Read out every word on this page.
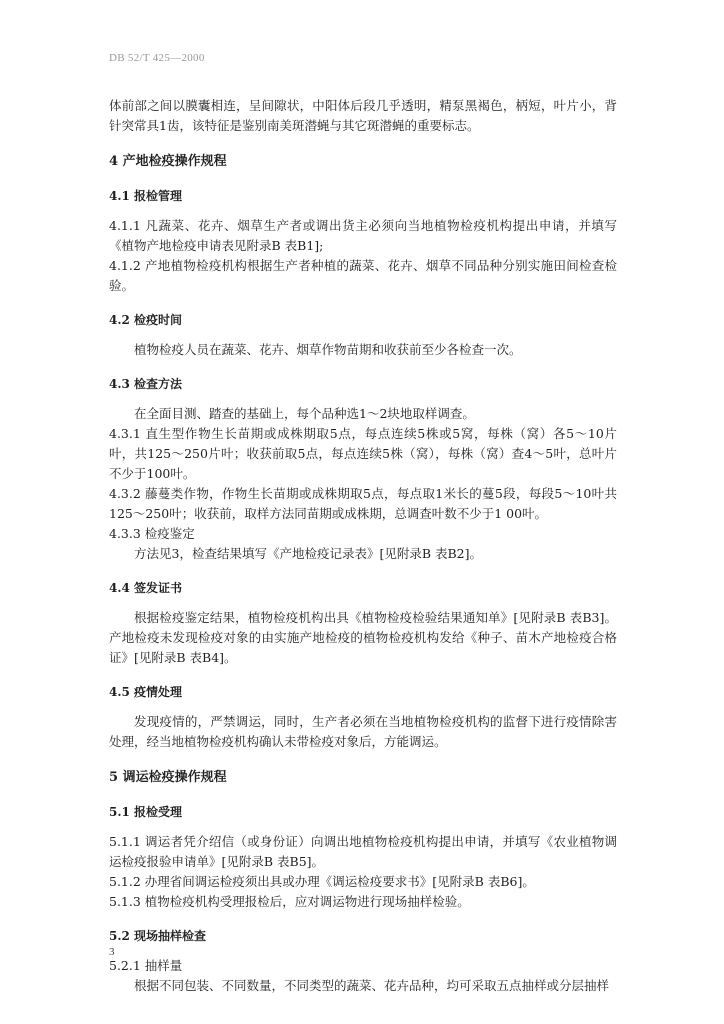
DB 52/T 425—2000
体前部之间以膜囊相连，呈间隙状，中阳体后段几乎透明，精泵黑褐色，柄短，叶片小，背针突常具1齿，该特征是鉴别南美斑潜蝇与其它斑潜蝇的重要标志。
4 产地检疫操作规程
4.1 报检管理
4.1.1 凡蔬菜、花卉、烟草生产者或调出货主必须向当地植物检疫机构提出申请，并填写《植物产地检疫申请表见附录B 表B1];
4.1.2 产地植物检疫机构根据生产者种植的蔬菜、花卉、烟草不同品种分别实施田间检查检验。
4.2 检疫时间
植物检疫人员在蔬菜、花卉、烟草作物苗期和收获前至少各检查一次。
4.3 检查方法
在全面目测、踏查的基础上，每个品种选1～2块地取样调查。
4.3.1 直生型作物生长苗期或成株期取5点，每点连续5株或5窝，每株（窝）各5～10片叶，共125～250片叶；收获前取5点，每点连续5株（窝），每株（窝）查4～5叶，总叶片不少于100叶。
4.3.2 藤蔓类作物，作物生长苗期或成株期取5点，每点取1米长的蔓5段，每段5～10叶共125～250叶；收获前，取样方法同苗期或成株期，总调查叶数不少于1 00叶。
4.3.3 检疫鉴定
方法见3，检查结果填写《产地检疫记录表》[见附录B 表B2]。
4.4 签发证书
根据检疫鉴定结果，植物检疫机构出具《植物检疫检验结果通知单》[见附录B 表B3]。产地检疫未发现检疫对象的由实施产地检疫的植物检疫机构发给《种子、苗木产地检疫合格证》[见附录B 表B4]。
4.5 疫情处理
发现疫情的，严禁调运，同时，生产者必须在当地植物检疫机构的监督下进行疫情除害处理，经当地植物检疫机构确认未带检疫对象后，方能调运。
5 调运检疫操作规程
5.1 报检受理
5.1.1 调运者凭介绍信（或身份证）向调出地植物检疫机构提出申请，并填写《农业植物调运检疫报验申请单》[见附录B 表B5]。
5.1.2 办理省间调运检疫须出具或办理《调运检疫要求书》[见附录B 表B6]。
5.1.3 植物检疫机构受理报检后，应对调运物进行现场抽样检验。
5.2 现场抽样检查
5.2.1 抽样量
根据不同包装、不同数量，不同类型的蔬菜、花卉品种，均可采取五点抽样或分层抽样
3
